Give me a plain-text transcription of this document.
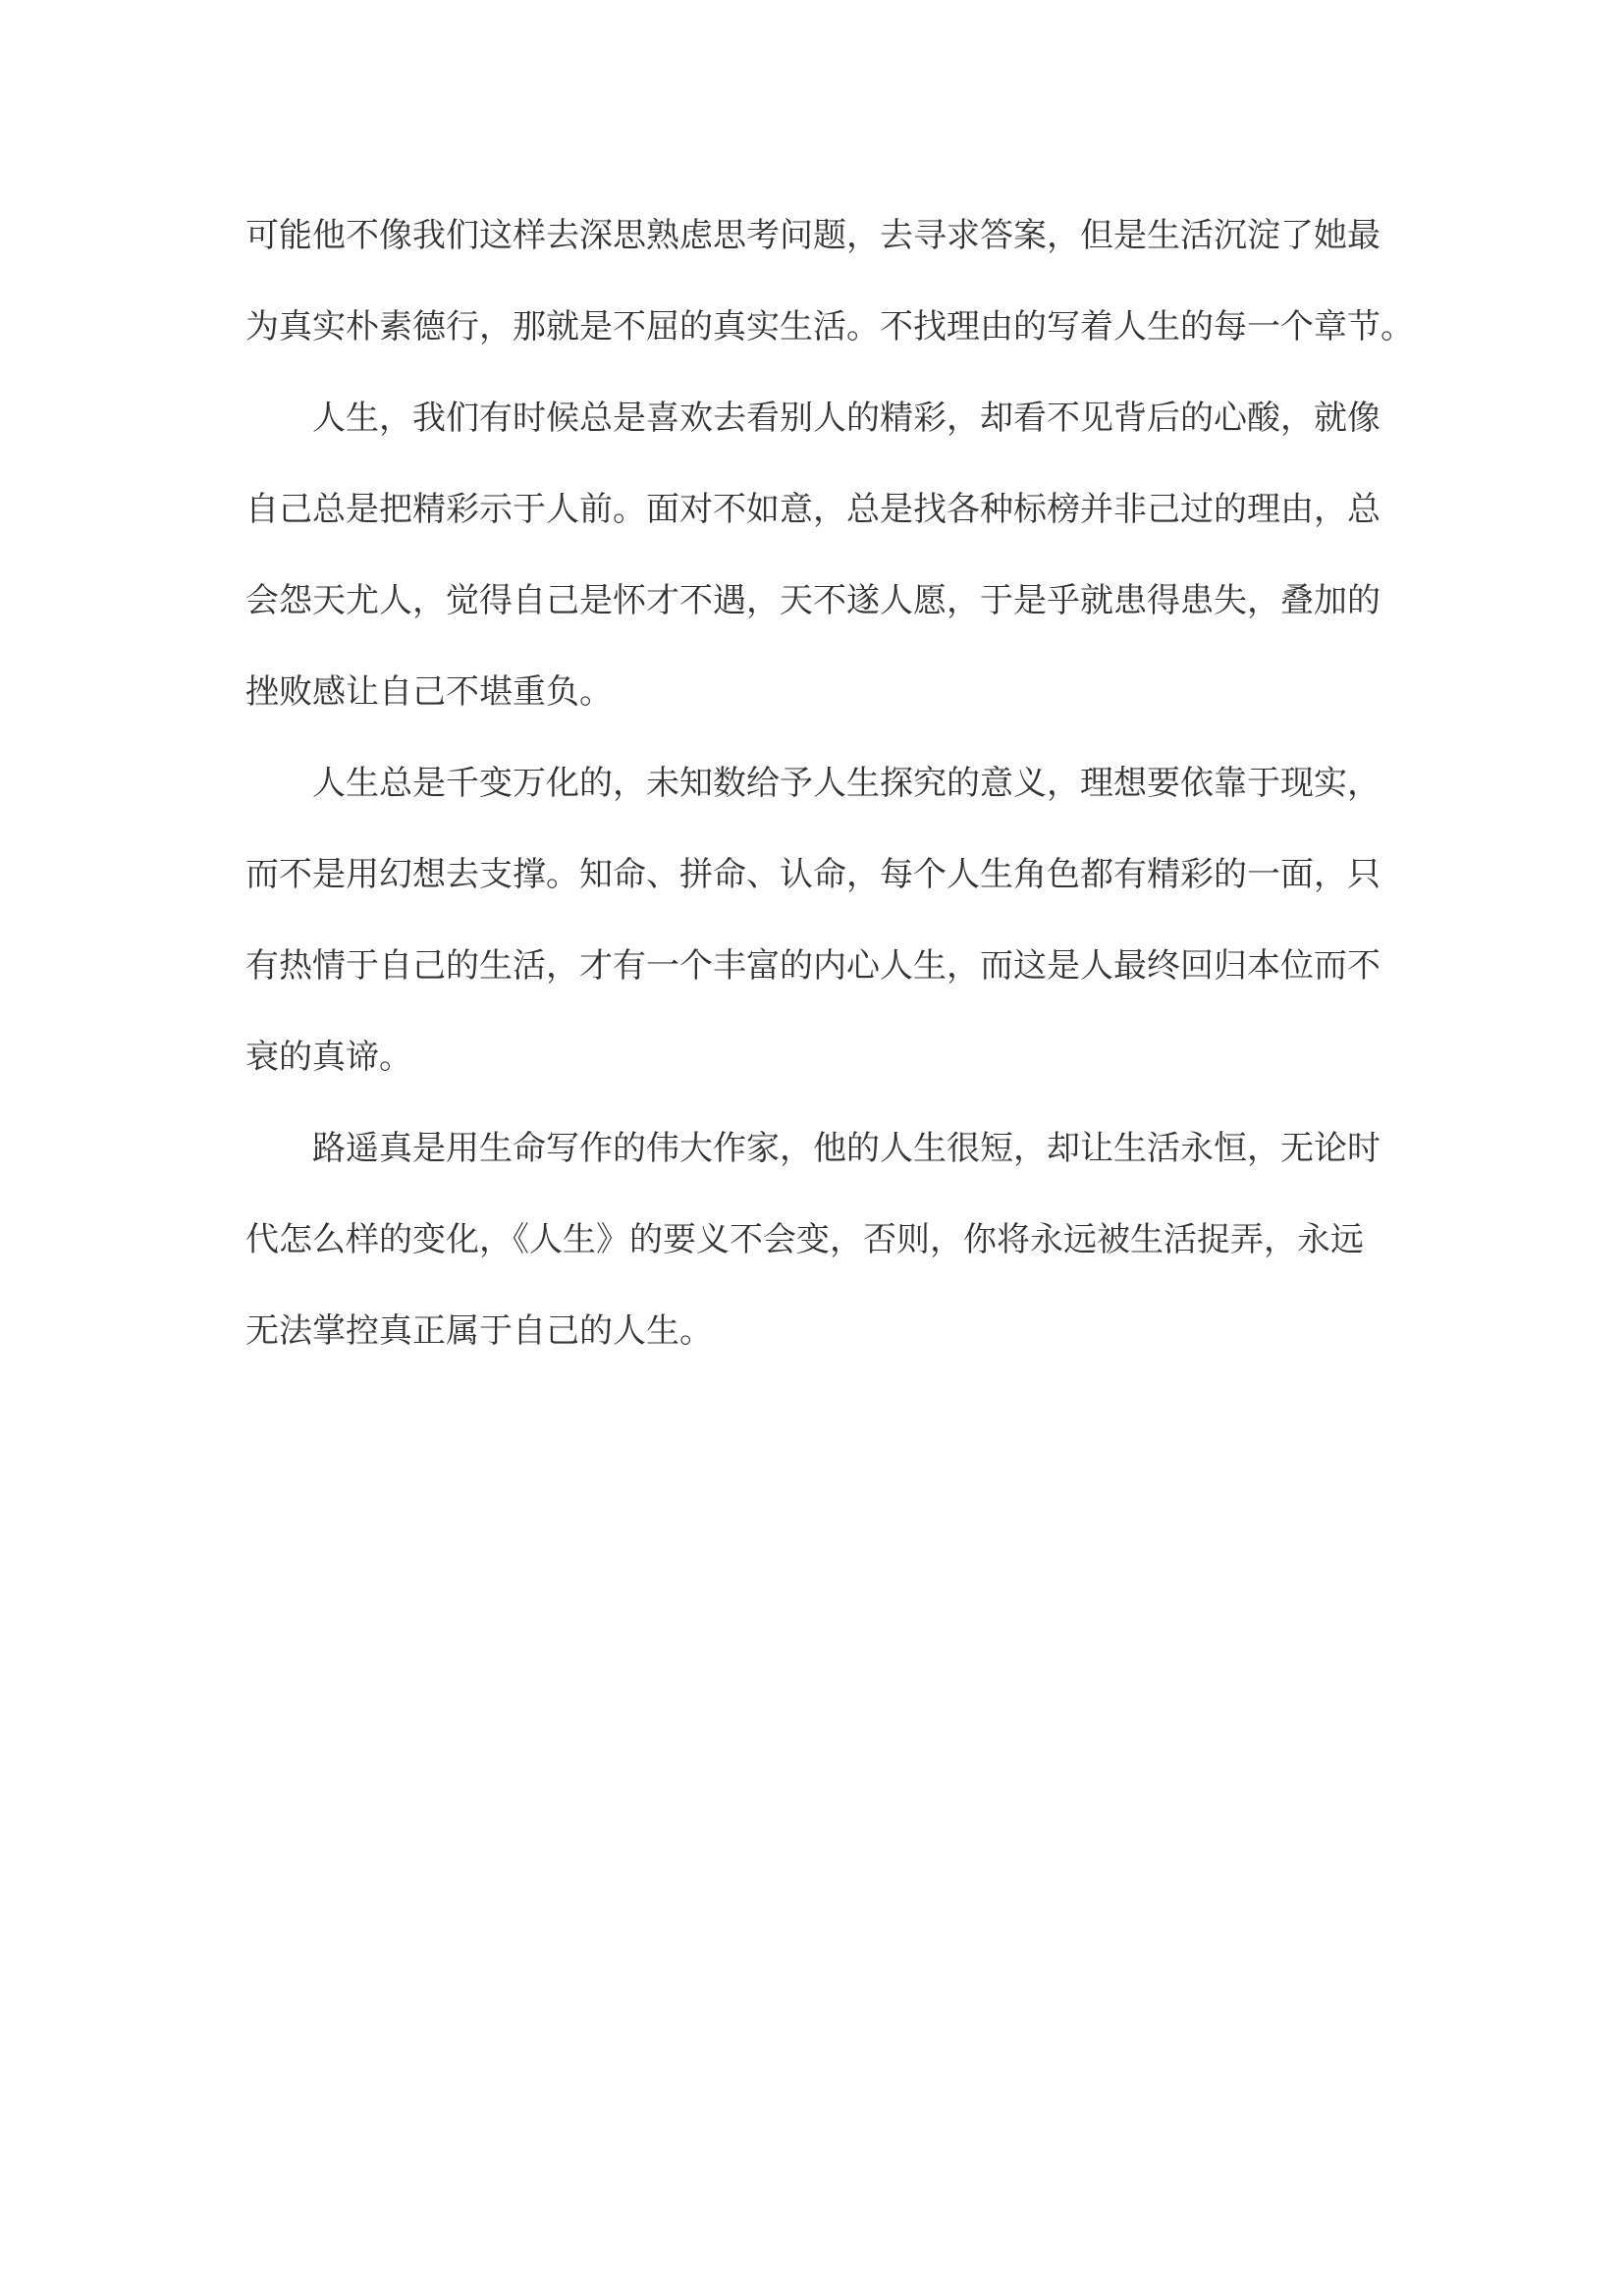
可能他不像我们这样去深思熟虑思考问题，去寻求答案，但是生活沉淀了她最
为真实朴素德行，那就是不屈的真实生活。不找理由的写着人生的每一个章节。
人生，我们有时候总是喜欢去看别人的精彩，却看不见背后的心酸，就像
自己总是把精彩示于人前。面对不如意，总是找各种标榜并非己过的理由，总
会怨天尤人，觉得自己是怀才不遇，天不遂人愿，于是乎就患得患失，叠加的
挫败感让自己不堪重负。
人生总是千变万化的，未知数给予人生探究的意义，理想要依靠于现实，
而不是用幻想去支撑。知命、拼命、认命，每个人生角色都有精彩的一面，只
有热情于自己的生活，才有一个丰富的内心人生，而这是人最终回归本位而不
衰的真谛。
路遥真是用生命写作的伟大作家，他的人生很短，却让生活永恒，无论时
代怎么样的变化，《人生》的要义不会变，否则，你将永远被生活捉弄，永远
无法掌控真正属于自己的人生。
